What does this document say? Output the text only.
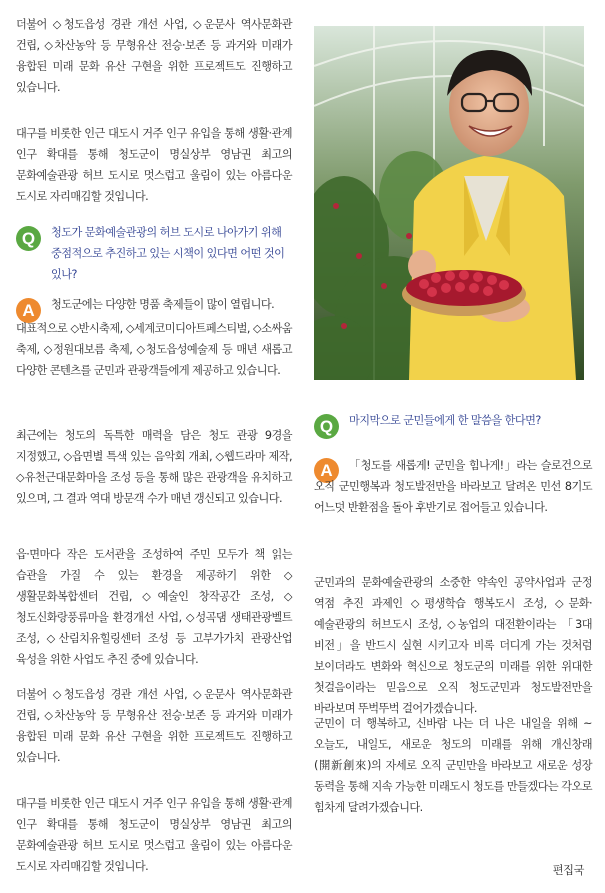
더불어 ◇청도읍성 경관 개선 사업, ◇운문사 역사문화관 건립, ◇차산농악 등 무형유산 전승·보존 등 과거와 미래가 융합된 미래 문화 유산 구현을 위한 프로젝트도 진행하고 있습니다.

대구를 비롯한 인근 대도시 거주 인구 유입을 통해 생활·관계 인구 확대를 통해 청도군이 명실상부 영남권 최고의 문화예술관광 허브 도시로 멋스럽고 울림이 있는 아름다운 도시로 자리매김할 것입니다.

Q	청도가 문화예술관광의 허브 도시로 나아가기 위해 중점적으로 추진하고 있는 시책이 있다면 어떤 것이 있나?

A	청도군에는 다양한 명품 축제들이 많이 열립니다.

대표적으로 ◇반시축제, ◇세계코미디아트페스티벌, ◇소싸움 축제, ◇정원대보름 축제, ◇청도읍성예술제 등 매년 새롭고 다양한 콘텐츠를 군민과 관광객들에게 제공하고 있습니다.

최근에는 청도의 독특한 매력을 담은 청도 관광 9경을 지정했고, ◇읍면별 특색 있는 음악회 개최, ◇웹드라마 제작, ◇유천근대문화마을 조성 등을 통해 많은 관광객을 유치하고 있으며, 그 결과 역대 방문객 수가 매년 갱신되고 있습니다.

읍·면마다 작은 도서관을 조성하여 주민 모두가 책 읽는 습관을 가질 수 있는 환경을 제공하기 위한 ◇생활문화복합센터 건립, ◇예술인 창작공간 조성, ◇청도신화랑풍류마을 환경개선 사업, ◇성곡댐 생태관광벨트 조성, ◇산림치유힐링센터 조성 등 고부가가치 관광산업 육성을 위한 사업도 추진 중에 있습니다.

더불어 ◇청도읍성 경관 개선 사업, ◇운문사 역사문화관 건립, ◇차산농악 등 무형유산 전승·보존 등 과거와 미래가 융합된 미래 문화 유산 구현을 위한 프로젝트도 진행하고 있습니다.

대구를 비롯한 인근 대도시 거주 인구 유입을 통해 생활·관계 인구 확대를 통해 청도군이 명실상부 영남권 최고의 문화예술관광 허브 도시로 멋스럽고 울림이 있는 아름다운 도시로 자리매김할 것입니다.

Q	마지막으로 군민들에게 한 말씀을 한다면?

A	「청도를 새롭게! 군민을 힘나게!」라는 슬로건으로 오직 군민행복과 청도발전만을 바라보고 달려온 민선 8기도 어느덧 반환점을 돌아 후반기로 접어들고 있습니다.

군민과의 문화예술관광의 소중한 약속인 공약사업과 군정 역점 추진 과제인 ◇평생학습 행복도시 조성, ◇문화·예술관광의 허브도시 조성, ◇농업의 대전환이라는 「3대 비전」을 반드시 실현 시키고자 비록 더디게 가는 것처럼 보이더라도 변화와 혁신으로 청도군의 미래를 위한 위대한 첫걸음이라는 믿음으로 오직 청도군민과 청도발전만을 바라보며 뚜벅뚜벅 걸어가겠습니다.

군민이 더 행복하고, 신바람 나는 더 나은 내일을 위해 ~ 오늘도, 내일도, 새로운 청도의 미래를 위해 개신창래(開新創來)의 자세로 오직 군민만을 바라보고 새로운 성장 동력을 통해 지속 가능한 미래도시 청도를 만들겠다는 각오로 힘차게 달려가겠습니다.

편집국
